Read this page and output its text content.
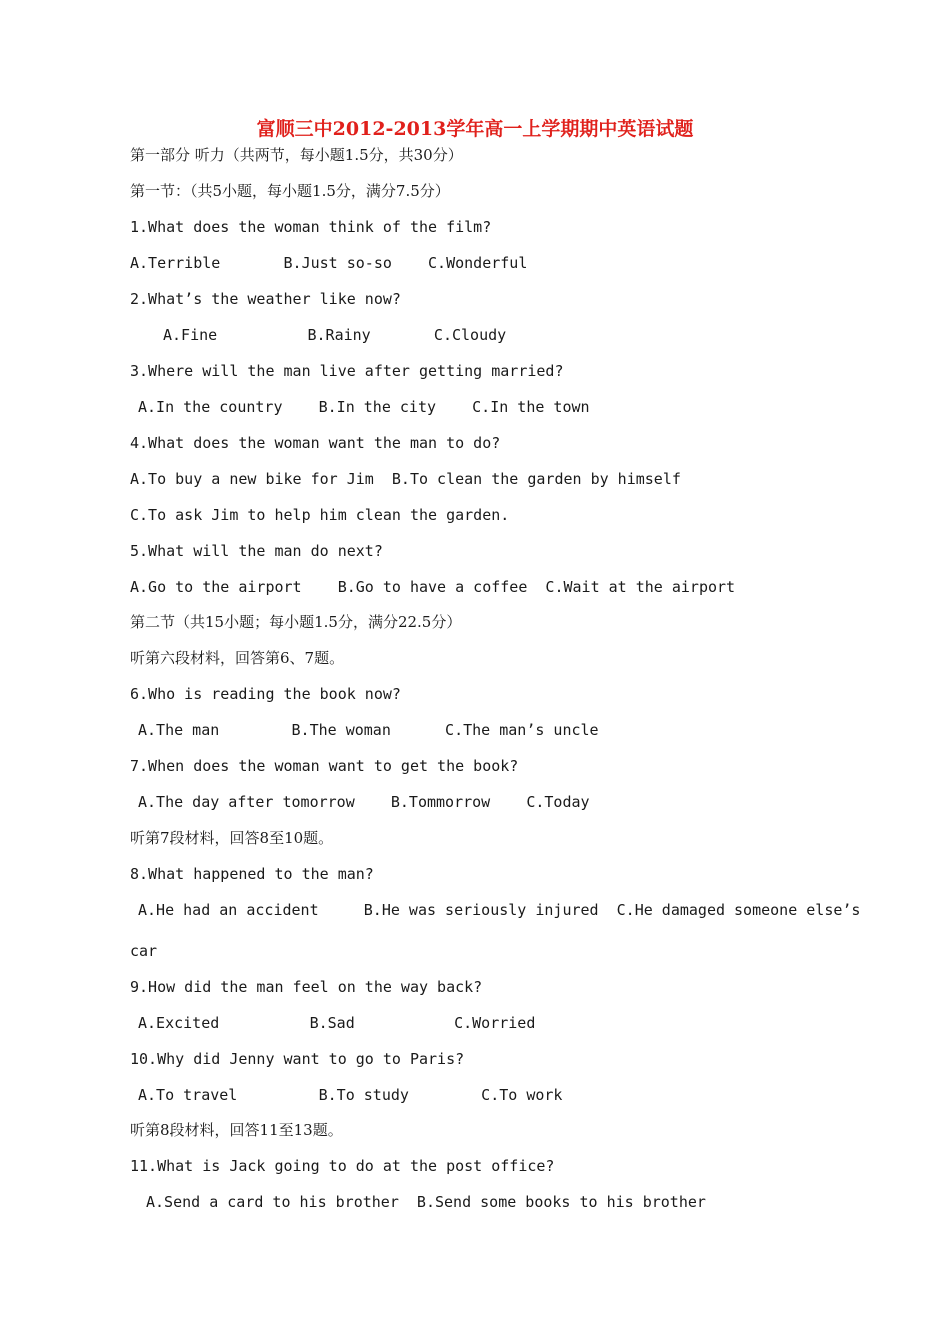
富顺三中2012-2013学年高一上学期期中英语试题
第一部分 听力（共两节，每小题1.5分，共30分）
第一节：（共5小题，每小题1.5分，满分7.5分）
1.What does the woman think of the film?
A.Terrible       B.Just so-so    C.Wonderful
2.What’s the weather like now?
A.Fine          B.Rainy       C.Cloudy
3.Where will the man live after getting married?
A.In the country    B.In the city    C.In the town
4.What does the woman want the man to do?
A.To buy a new bike for Jim  B.To clean the garden by himself
C.To ask Jim to help him clean the garden.
5.What will the man do next?
A.Go to the airport    B.Go to have a coffee  C.Wait at the airport
第二节（共15小题；每小题1.5分，满分22.5分）
听第六段材料，回答第6、7题。
6.Who is reading the book now?
A.The man        B.The woman      C.The man’s uncle
7.When does the woman want to get the book?
A.The day after tomorrow    B.Tommorrow    C.Today
听第7段材料，回答8至10题。
8.What happened to the man?
A.He had an accident     B.He was seriously injured  C.He damaged someone else’s
car
9.How did the man feel on the way back?
A.Excited          B.Sad           C.Worried
10.Why did Jenny want to go to Paris?
A.To travel         B.To study        C.To work
听第8段材料，回答11至13题。
11.What is Jack going to do at the post office?
A.Send a card to his brother  B.Send some books to his brother
